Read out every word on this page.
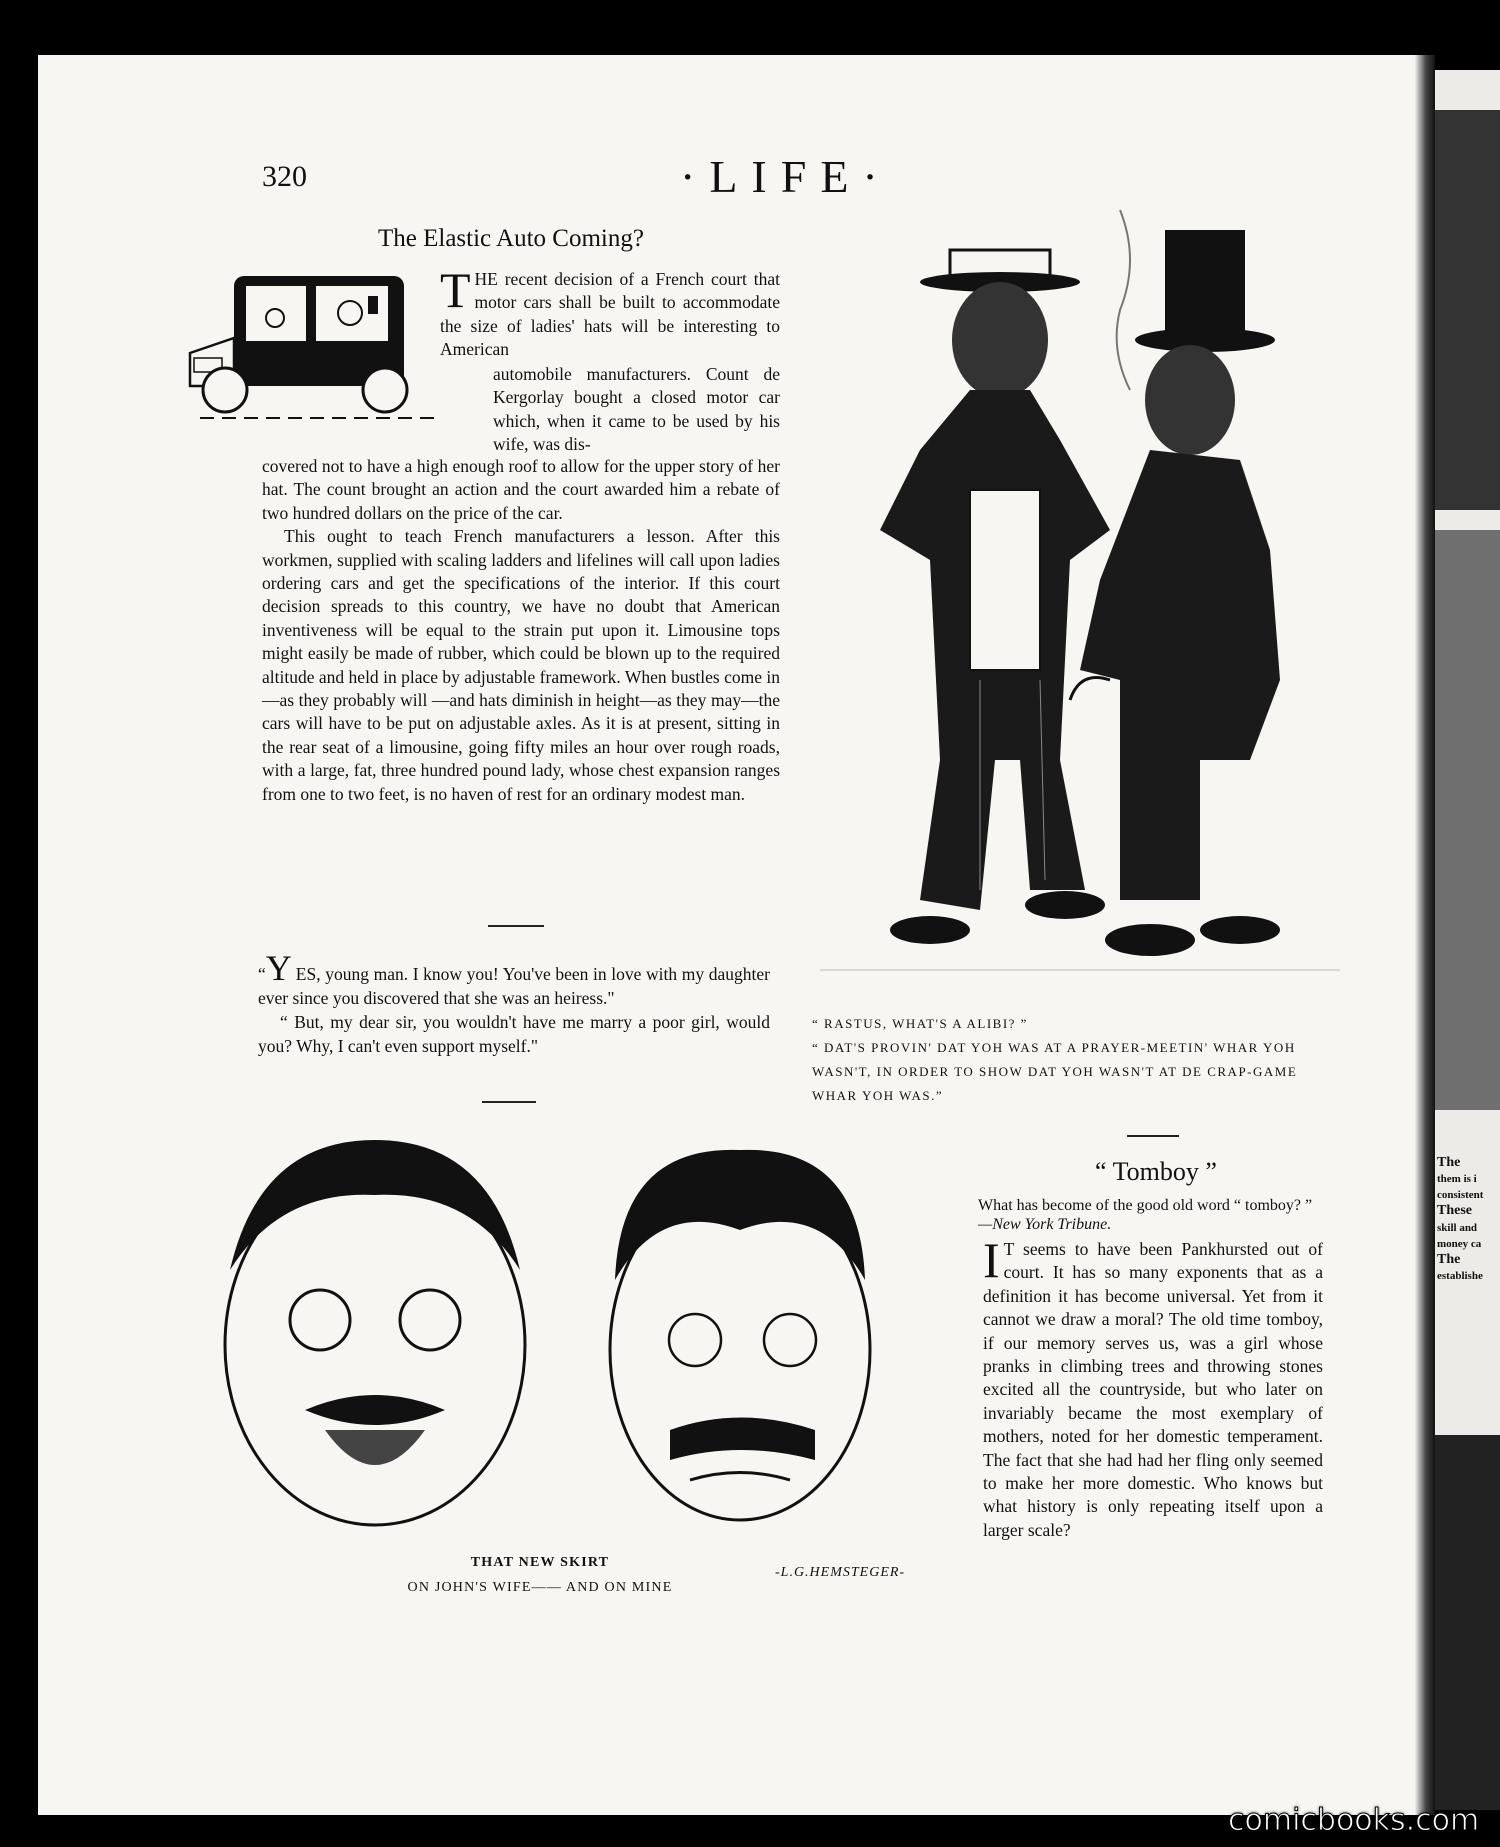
The
them is i
consistent
These
skill and
money ca
The
establishe
320	·LIFE·
The Elastic Auto Coming?
T HE recent decision of a French court that motor cars shall be built to accommodate the size of ladies' hats will be interesting to American
automobile manufacturers. Count de Kergorlay bought a closed motor car which, when it came to be used by his wife, was dis-

covered not to have a high enough roof to allow for the upper story of her hat. The count brought an action and the court awarded him a rebate of two hundred dollars on the price of the car.

This ought to teach French manufacturers a lesson. After this workmen, supplied with scaling ladders and lifelines will call upon ladies ordering cars and get the specifications of the interior. If this court decision spreads to this country, we have no doubt that American inventiveness will be equal to the strain put upon it. Limousine tops might easily be made of rubber, which could be blown up to the required altitude and held in place by adjustable framework. When bustles come in—as they probably will —and hats diminish in height—as they may—the cars will have to be put on adjustable axles. As it is at present, sitting in the rear seat of a limousine, going fifty miles an hour over rough roads, with a large, fat, three hundred pound lady, whose chest expansion ranges from one to two feet, is no haven of rest for an ordinary modest man.

“Y ES, young man. I know you! You've been in love with my daughter ever since you discovered that she was an heiress."

“ But, my dear sir, you wouldn't have me marry a poor girl, would you? Why, I can't even support myself."

“ RASTUS, WHAT'S A ALIBI? ”

“ DAT'S PROVIN' DAT YOH WAS AT A PRAYER-MEETIN' WHAR YOH WASN'T, IN ORDER TO SHOW DAT YOH WASN'T AT DE CRAP-GAME WHAR YOH WAS.”

THAT NEW SKIRT
ON JOHN'S WIFE—— AND ON MINE
-L.G.HEMSTEGER-
“ Tomboy ”
What has become of the good old word “ tomboy? ” —New York Tribune.
I T seems to have been Pankhursted out of court. It has so many exponents that as a definition it has become universal. Yet from it cannot we draw a moral? The old time tomboy, if our memory serves us, was a girl whose pranks in climbing trees and throwing stones excited all the countryside, but who later on invariably became the most exemplary of mothers, noted for her domestic temperament. The fact that she had had her fling only seemed to make her more domestic. Who knows but what history is only repeating itself upon a larger scale?
comicbooks.com
